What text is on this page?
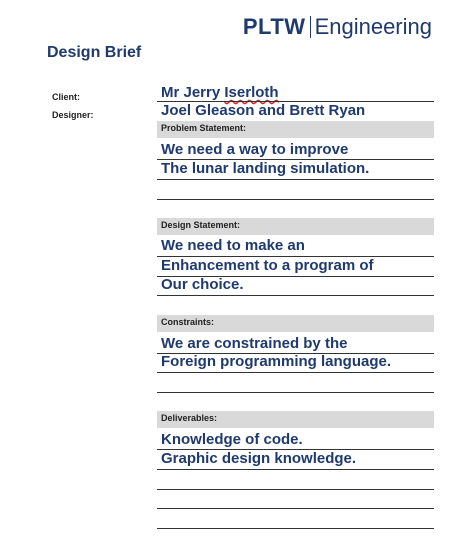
PLTW Engineering
Design Brief
Client:	Mr Jerry Iserloth
Designer:	Joel Gleason and Brett Ryan
Problem Statement:
We need a way to improve
The lunar landing simulation.
Design Statement:
We need to make an
Enhancement to a program of
Our choice.
Constraints:
We are constrained by the
Foreign programming language.
Deliverables:
Knowledge of code.
Graphic design knowledge.
